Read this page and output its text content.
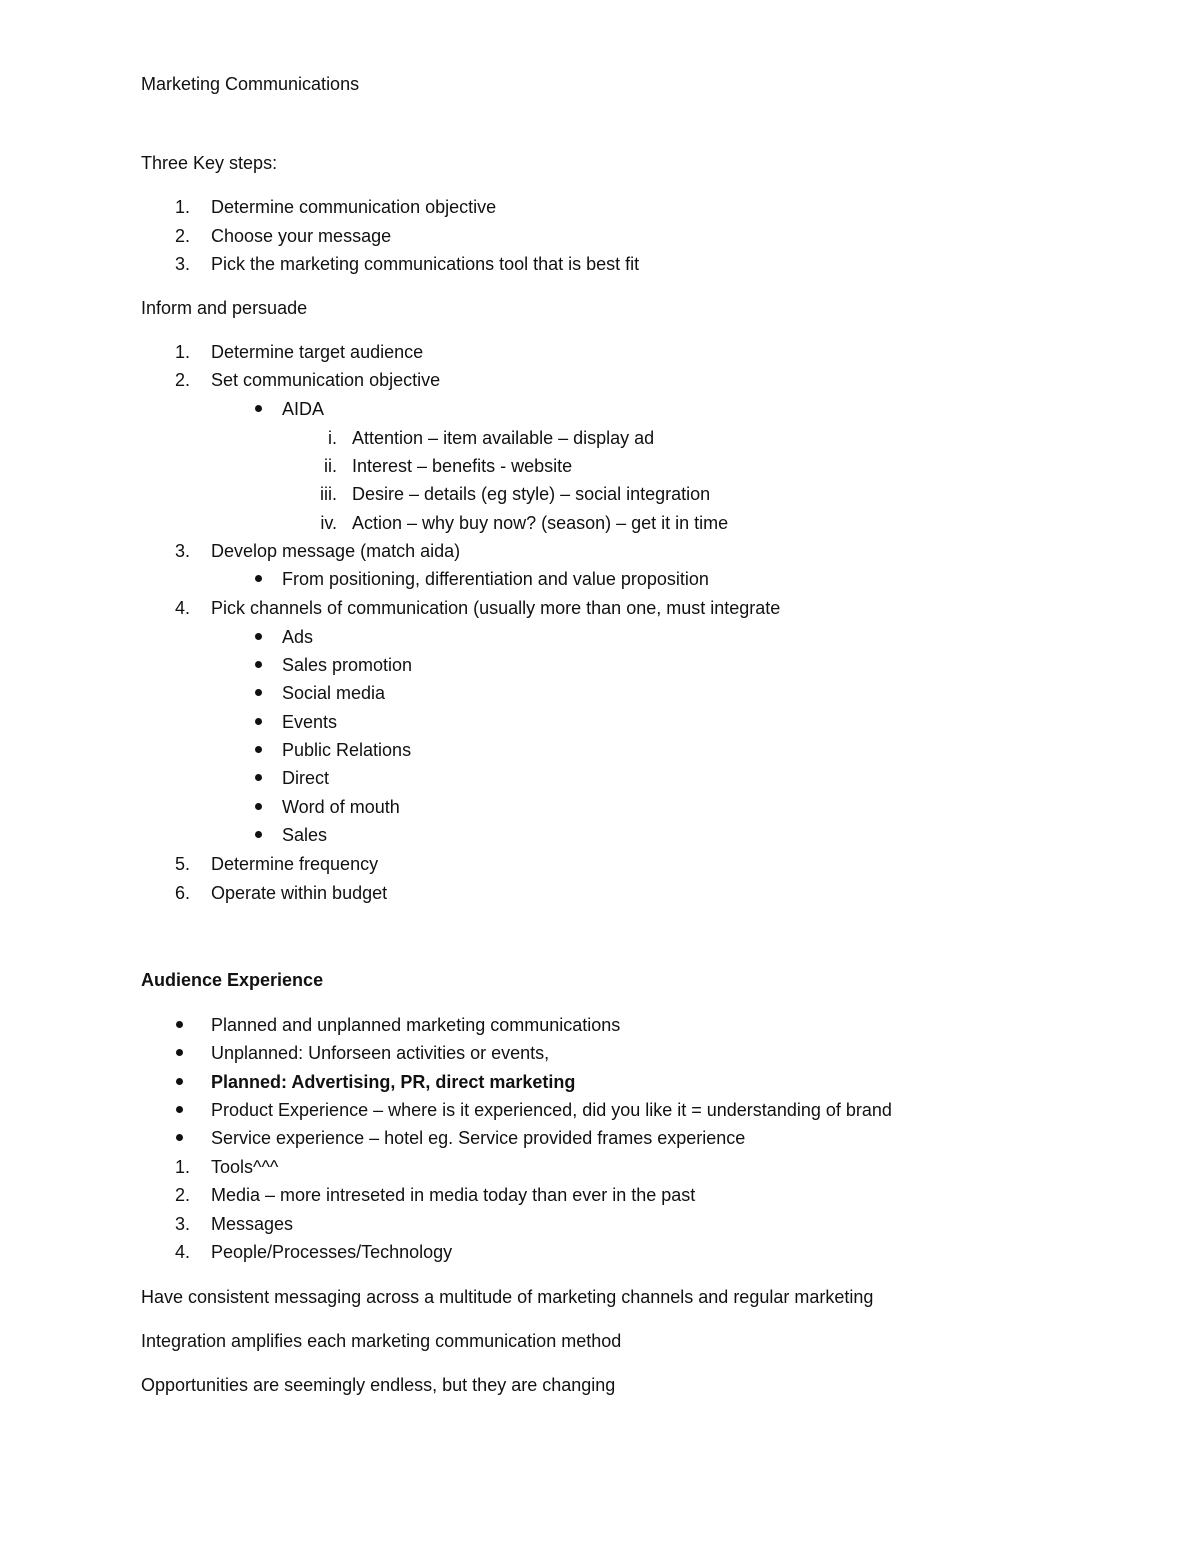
Marketing Communications
Three Key steps:
1. Determine communication objective
2. Choose your message
3. Pick the marketing communications tool that is best fit
Inform and persuade
1. Determine target audience
2. Set communication objective
AIDA
i. Attention – item available – display ad
ii. Interest – benefits - website
iii. Desire – details (eg style) – social integration
iv. Action – why buy now? (season) – get it in time
3. Develop message (match aida)
From positioning, differentiation and value proposition
4. Pick channels of communication (usually more than one, must integrate
Ads
Sales promotion
Social media
Events
Public Relations
Direct
Word of mouth
Sales
5. Determine frequency
6. Operate within budget
Audience Experience
Planned and unplanned marketing communications
Unplanned: Unforseen activities or events,
Planned: Advertising, PR, direct marketing
Product Experience – where is it experienced, did you like it = understanding of brand
Service experience – hotel eg. Service provided frames experience
1. Tools^^^
2. Media – more intreseted in media today than ever in the past
3. Messages
4. People/Processes/Technology
Have consistent messaging across a multitude of marketing channels and regular marketing
Integration amplifies each marketing communication method
Opportunities are seemingly endless, but they are changing
